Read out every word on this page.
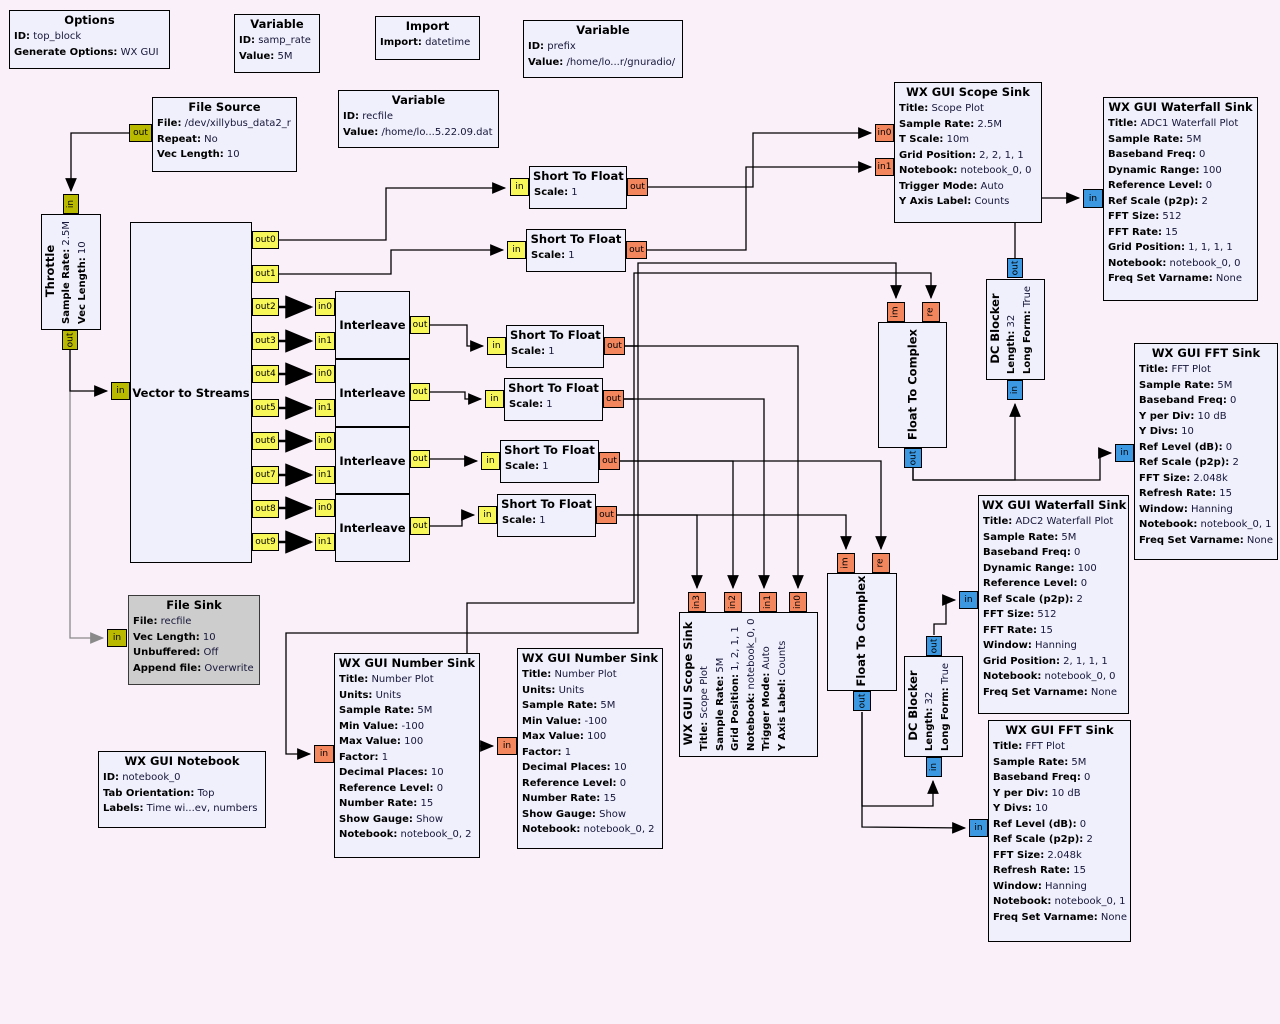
Options
ID: top_block
Generate Options: WX GUI
Variable
ID: samp_rate
Value: 5M
Import
Import: datetime
Variable
ID: prefix
Value: /home/lo...r/gnuradio/
File Source
File: /dev/xillybus_data2_r
Repeat: No
Vec Length: 10
out
Variable
ID: recfile
Value: /home/lo...5.22.09.dat
Throttle Sample Rate: 2.5M
Vec Length: 10
in
out
Vector to Streams
in
out0
out1
out2
out3
out4
out5
out6
out7
out8
out9
Interleave
in0
in1
out
Interleave
in0
in1
out
Interleave
in0
in1
out
Interleave
in0
in1
out
Short To Float
Scale: 1
in	out
Short To Float
Scale: 1
in	out
Short To Float
Scale: 1
in	out
Short To Float
Scale: 1
in	out
Short To Float
Scale: 1
in	out
Short To Float
Scale: 1
in	out
WX GUI Scope Sink
Title: Scope Plot
Sample Rate: 2.5M
T Scale: 10m
Grid Position: 2, 2, 1, 1
Notebook: notebook_0, 0
Trigger Mode: Auto
Y Axis Label: Counts
in0
in1
WX GUI Waterfall Sink
Title: ADC1 Waterfall Plot
Sample Rate: 5M
Baseband Freq: 0
Dynamic Range: 100
Reference Level: 0
Ref Scale (p2p): 2
FFT Size: 512
FFT Rate: 15
Grid Position: 1, 1, 1, 1
Notebook: notebook_0, 0
Freq Set Varname: None
in
DC Blocker Length: 32 Long Form: True
out
in
Float To Complex
im	re
out
WX GUI FFT Sink
Title: FFT Plot
Sample Rate: 5M
Baseband Freq: 0
Y per Div: 10 dB
Y Divs: 10
Ref Level (dB): 0
Ref Scale (p2p): 2
FFT Size: 2.048k
Refresh Rate: 15
Window: Hanning
Notebook: notebook_0, 1
Freq Set Varname: None
in
WX GUI Scope Sink Title: Scope Plot Sample Rate: 5M
Grid Position: 1, 2, 1, 1
Notebook: notebook_0, 0
Trigger Mode: Auto
Y Axis Label: Counts
in3	in2	in1 in0	Float To Complex
im	re
out	DC Blocker Length: 32 Long Form: True
out
in
WX GUI Waterfall Sink
Title: ADC2 Waterfall Plot
Sample Rate: 5M
Baseband Freq: 0
Dynamic Range: 100
Reference Level: 0
Ref Scale (p2p): 2
FFT Size: 512
FFT Rate: 15
Window: Hanning
Grid Position: 2, 1, 1, 1
Notebook: notebook_0, 0
Freq Set Varname: None
in
WX GUI FFT Sink
Title: FFT Plot
Sample Rate: 5M
Baseband Freq: 0
Y per Div: 10 dB
Y Divs: 10
Ref Level (dB): 0
Ref Scale (p2p): 2
FFT Size: 2.048k
Refresh Rate: 15
Window: Hanning
Notebook: notebook_0, 1
Freq Set Varname: None
in
WX GUI Number Sink
Title: Number Plot
Units: Units
Sample Rate: 5M
Min Value: -100
Max Value: 100
Factor: 1
Decimal Places: 10
Reference Level: 0
Number Rate: 15
Show Gauge: Show
Notebook: notebook_0, 2
in
WX GUI Number Sink
Title: Number Plot
Units: Units
Sample Rate: 5M
Min Value: -100
Max Value: 100
Factor: 1
Decimal Places: 10
Reference Level: 0
Number Rate: 15
Show Gauge: Show
Notebook: notebook_0, 2
in
File Sink
File: recfile
Vec Length: 10
Unbuffered: Off
Append file: Overwrite
in
WX GUI Notebook
ID: notebook_0
Tab Orientation: Top
Labels: Time wi...ev, numbers
